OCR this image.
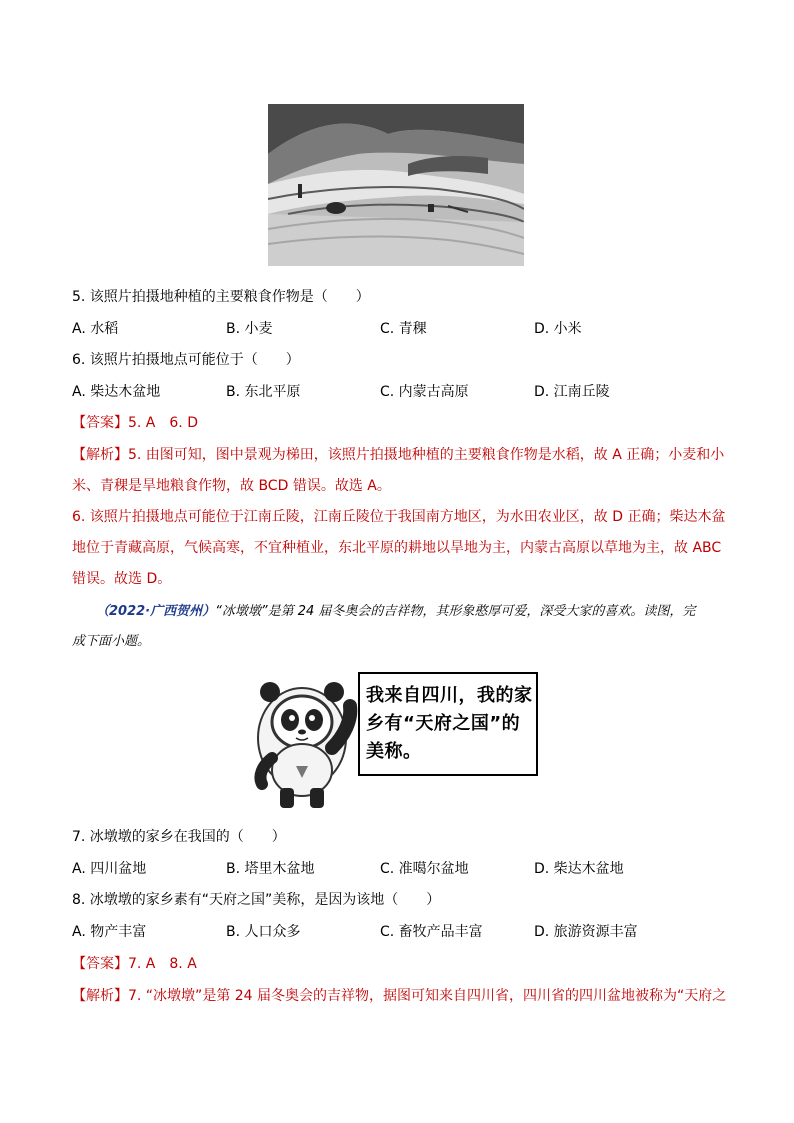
5. 该照片拍摄地种植的主要粮食作物是（　　）
A. 水稻	B. 小麦	C. 青稞	D. 小米
6. 该照片拍摄地点可能位于（　　）
A. 柴达木盆地	B. 东北平原	C. 内蒙古高原	D. 江南丘陵
【答案】5. A　6. D
【解析】5. 由图可知，图中景观为梯田，该照片拍摄地种植的主要粮食作物是水稻，故 A 正确；小麦和小
米、青稞是旱地粮食作物，故 BCD 错误。故选 A。
6. 该照片拍摄地点可能位于江南丘陵，江南丘陵位于我国南方地区，为水田农业区，故 D 正确；柴达木盆
地位于青藏高原，气候高寒，不宜种植业，东北平原的耕地以旱地为主，内蒙古高原以草地为主，故 ABC
错误。故选 D。
（2022·广西贺州）“冰墩墩”是第 24 届冬奥会的吉祥物，其形象憨厚可爱，深受大家的喜欢。读图，完
成下面小题。
我来自四川，我的家乡有“天府之国”的美称。
7. 冰墩墩的家乡在我国的（　　）
A. 四川盆地	B. 塔里木盆地	C. 准噶尔盆地	D. 柴达木盆地
8. 冰墩墩的家乡素有“天府之国”美称，是因为该地（　　）
A. 物产丰富	B. 人口众多	C. 畜牧产品丰富	D. 旅游资源丰富
【答案】7. A　8. A
【解析】7. “冰墩墩”是第 24 届冬奥会的吉祥物，据图可知来自四川省，四川省的四川盆地被称为“天府之
